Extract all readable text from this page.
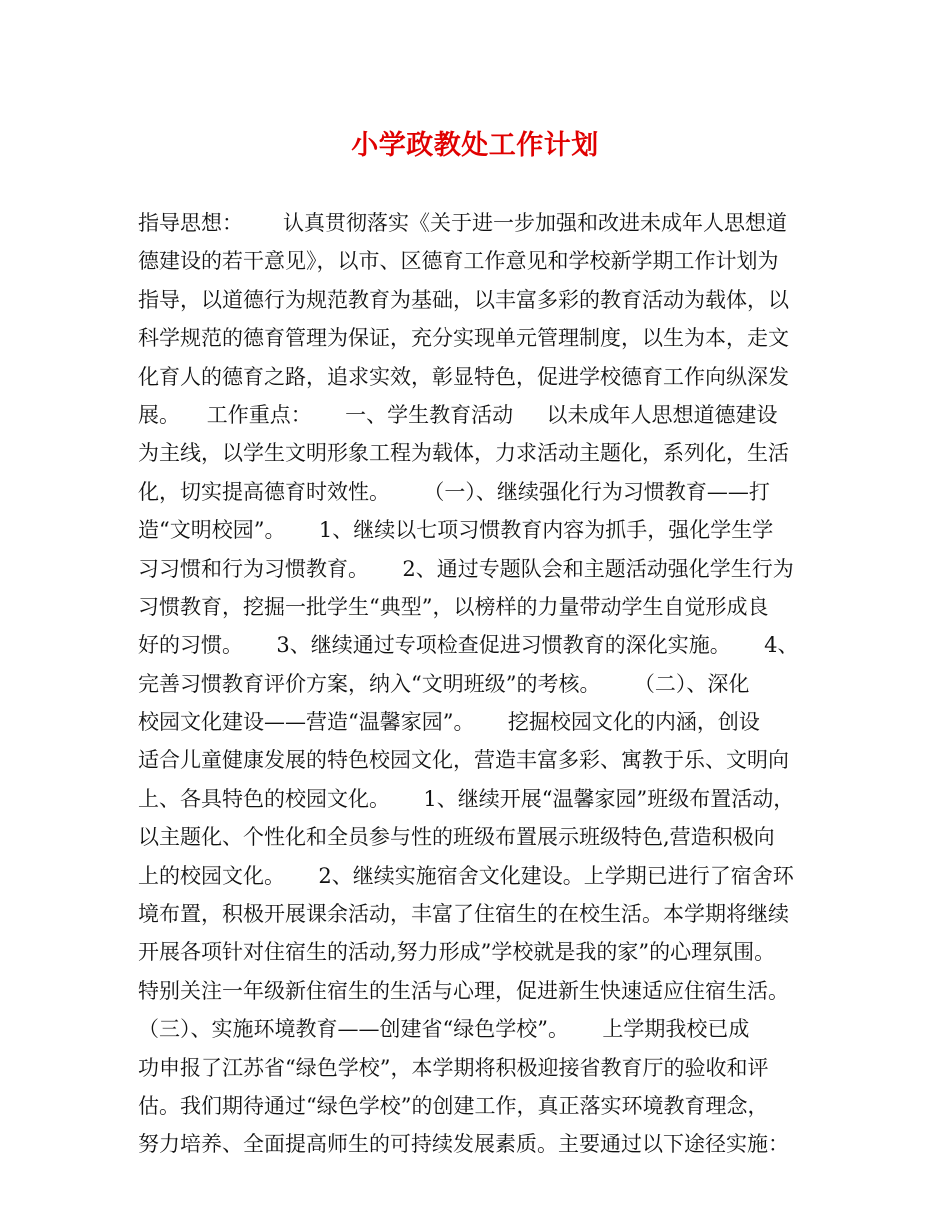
小学政教处工作计划
指导思想：      认真贯彻落实《关于进一步加强和改进未成年人思想道
德建设的若干意见》，以市、区德育工作意见和学校新学期工作计划为
指导，以道德行为规范教育为基础，以丰富多彩的教育活动为载体，以
科学规范的德育管理为保证，充分实现单元管理制度，以生为本，走文
化育人的德育之路，追求实效，彰显特色，促进学校德育工作向纵深发
展。    工作重点：     一、学生教育活动     以未成年人思想道德建设
为主线，以学生文明形象工程为载体，力求活动主题化，系列化，生活
化，切实提高德育时效性。     （一）、继续强化行为习惯教育——打
造“文明校园”。     1、继续以七项习惯教育内容为抓手，强化学生学
习习惯和行为习惯教育。     2、通过专题队会和主题活动强化学生行为
习惯教育，挖掘一批学生“典型”，以榜样的力量带动学生自觉形成良
好的习惯。     3、继续通过专项检查促进习惯教育的深化实施。     4、
完善习惯教育评价方案，纳入“文明班级”的考核。     （二）、深化
校园文化建设——营造“温馨家园”。     挖掘校园文化的内涵，创设
适合儿童健康发展的特色校园文化，营造丰富多彩、寓教于乐、文明向
上、各具特色的校园文化。     1、继续开展“温馨家园”班级布置活动，
以主题化、个性化和全员参与性的班级布置展示班级特色,营造积极向
上的校园文化。     2、继续实施宿舍文化建设。上学期已进行了宿舍环
境布置，积极开展课余活动，丰富了住宿生的在校生活。本学期将继续
开展各项针对住宿生的活动,努力形成”学校就是我的家”的心理氛围。
特别关注一年级新住宿生的生活与心理，促进新生快速适应住宿生活。
（三）、实施环境教育——创建省“绿色学校”。     上学期我校已成
功申报了江苏省“绿色学校”，本学期将积极迎接省教育厅的验收和评
估。我们期待通过“绿色学校”的创建工作，真正落实环境教育理念，
努力培养、全面提高师生的可持续发展素质。主要通过以下途径实施：
